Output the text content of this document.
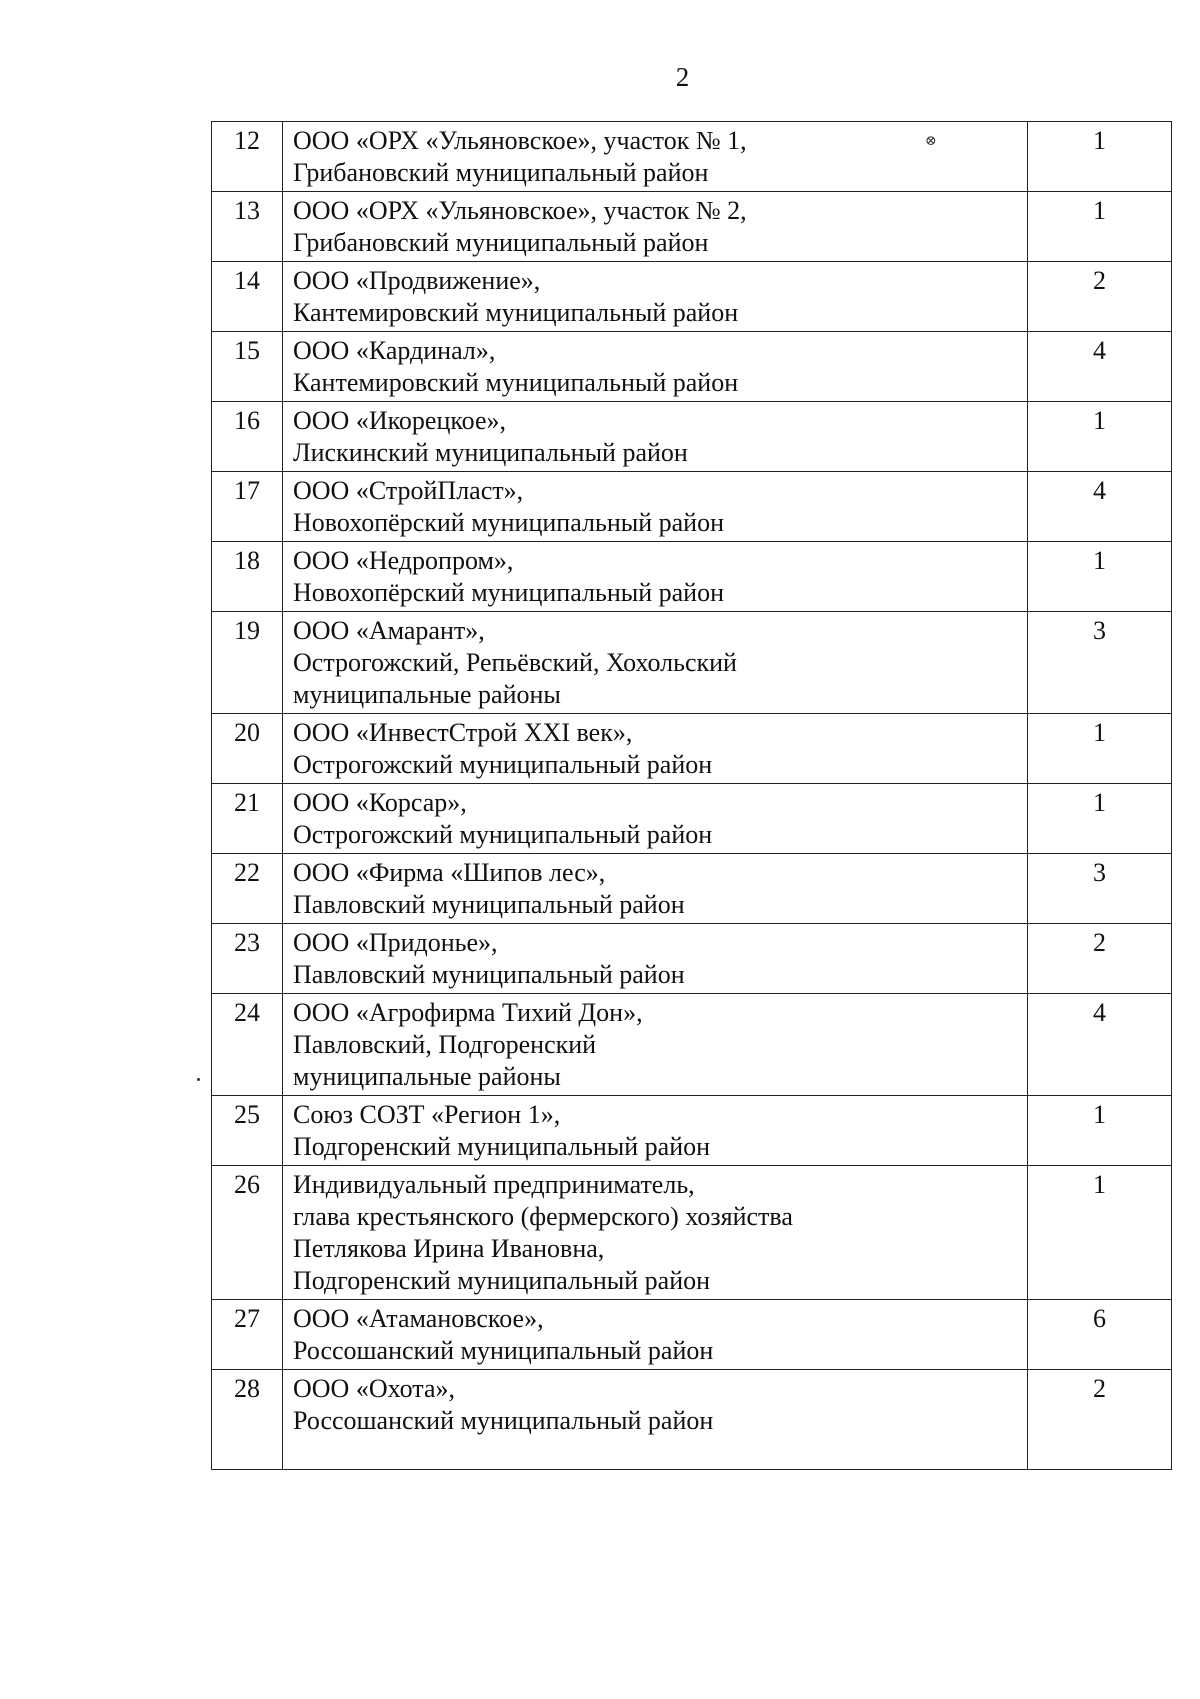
2
12	ООО «ОРХ «Ульяновское», участок № 1,
Грибановский муниципальный район	1
13	ООО «ОРХ «Ульяновское», участок № 2,
Грибановский муниципальный район	1
14	ООО «Продвижение»,
Кантемировский муниципальный район	2
15	ООО «Кардинал»,
Кантемировский муниципальный район	4
16	ООО «Икорецкое»,
Лискинский муниципальный район	1
17	ООО «СтройПласт»,
Новохопёрский муниципальный район	4
18	ООО «Недропром»,
Новохопёрский муниципальный район	1
19	ООО «Амарант»,
Острогожский, Репьёвский, Хохольский
муниципальные районы	3
20	ООО «ИнвестСтрой XXI век»,
Острогожский муниципальный район	1
21	ООО «Корсар»,
Острогожский муниципальный район	1
22	ООО «Фирма «Шипов лес»,
Павловский муниципальный район	3
23	ООО «Придонье»,
Павловский муниципальный район	2
24	ООО «Агрофирма Тихий Дон»,
Павловский, Подгоренский
муниципальные районы	4
25	Союз СОЗТ «Регион 1»,
Подгоренский муниципальный район	1
26	Индивидуальный предприниматель,
глава крестьянского (фермерского) хозяйства
Петлякова Ирина Ивановна,
Подгоренский муниципальный район	1
27	ООО «Атамановское»,
Россошанский муниципальный район	6
28	ООО «Охота»,
Россошанский муниципальный район	2
⊗
